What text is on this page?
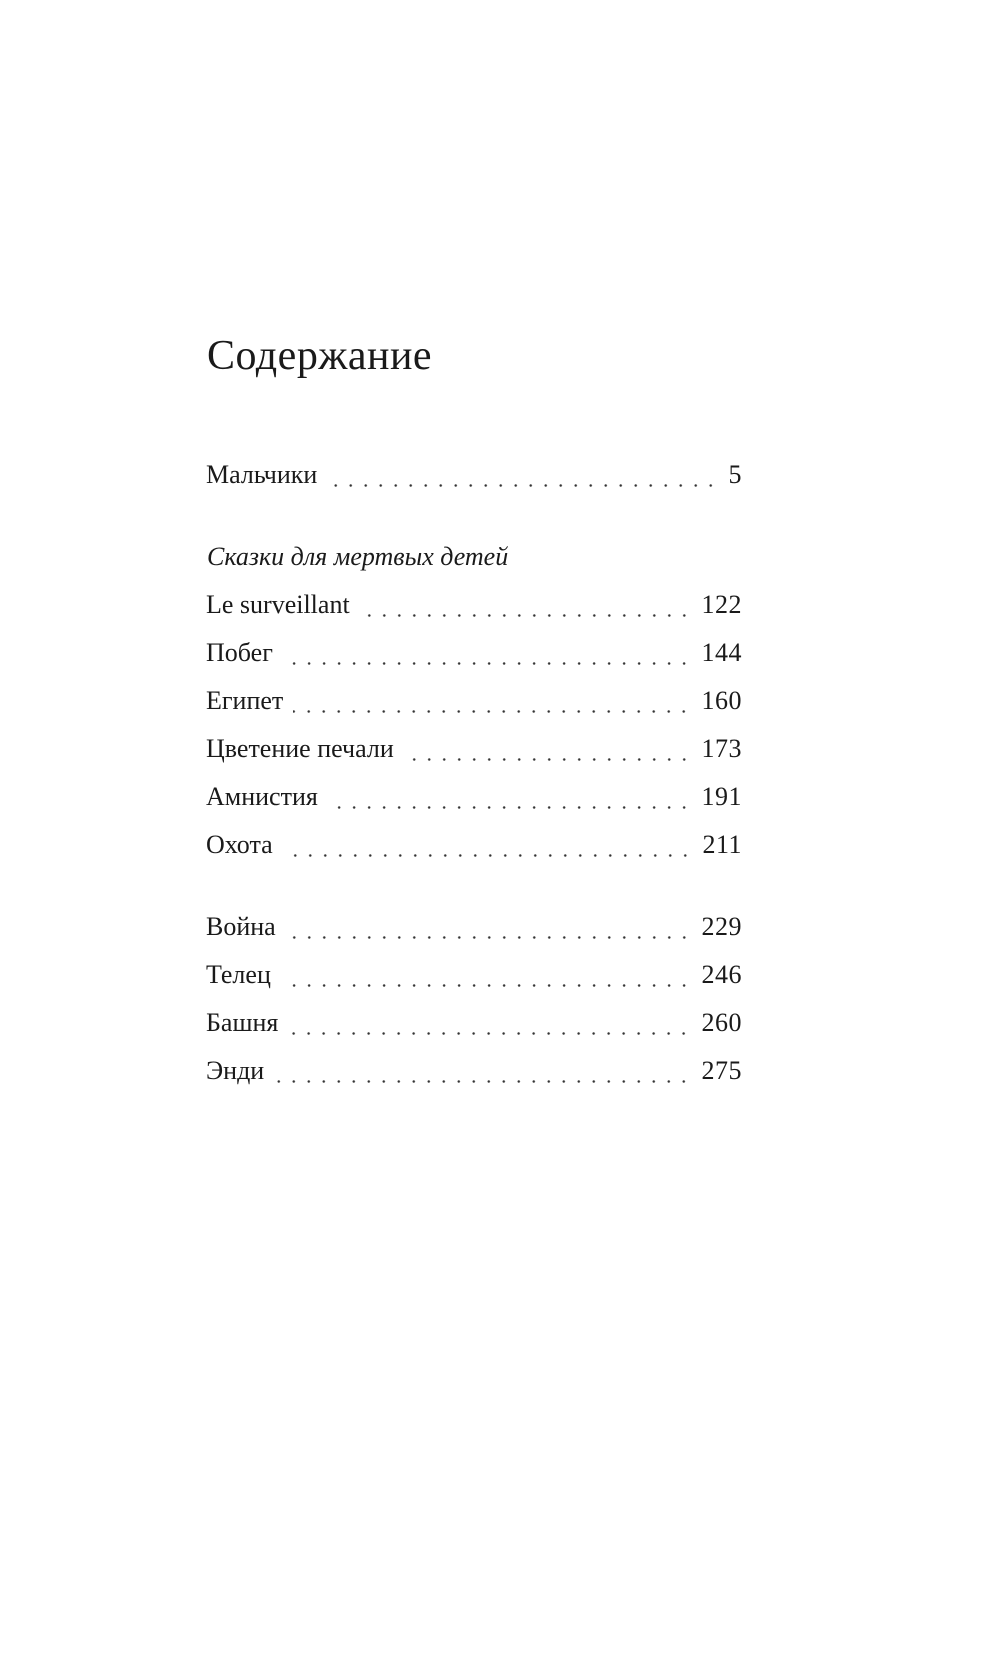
Содержание
Мальчики	5
Сказки для мертвых детей
Le surveillant	122
Побег	144
Египет	160
Цветение печали	173
Амнистия	191
Охота	211
Война	229
Телец	246
Башня	260
Энди	275
